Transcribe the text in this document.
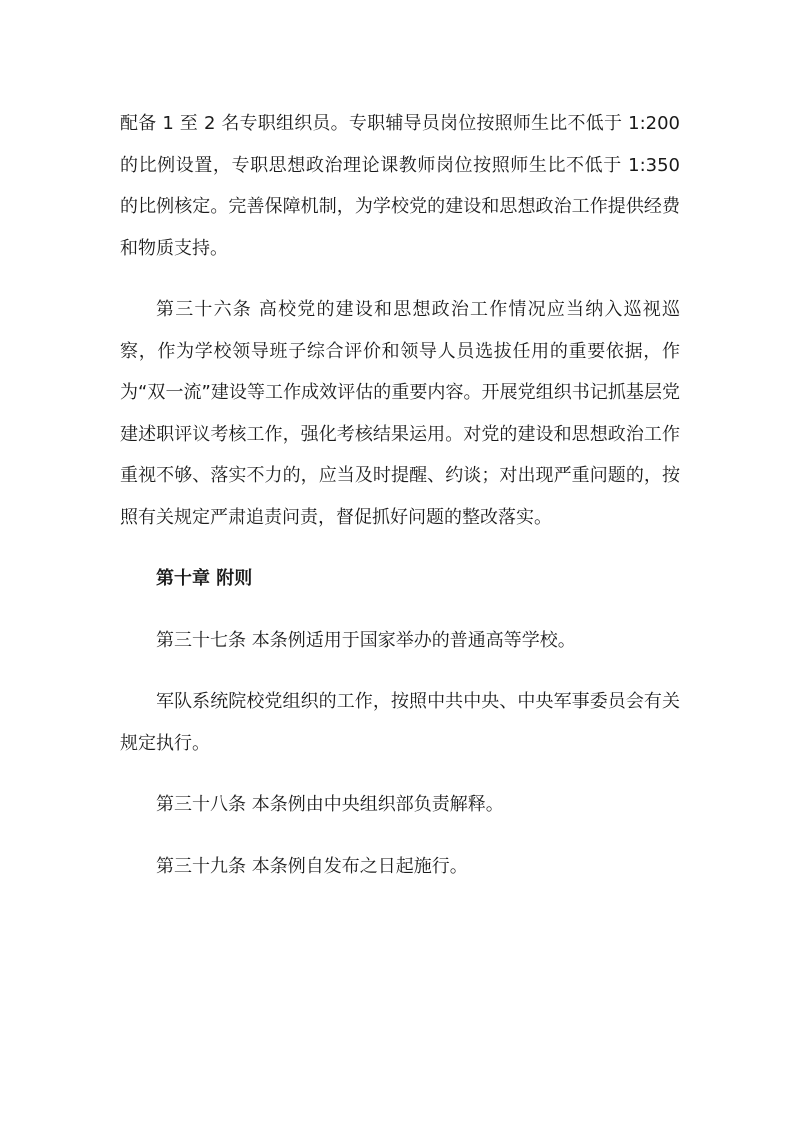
配备 1 至 2 名专职组织员。专职辅导员岗位按照师生比不低于 1:200 的比例设置，专职思想政治理论课教师岗位按照师生比不低于 1:350 的比例核定。完善保障机制，为学校党的建设和思想政治工作提供经费和物质支持。

第三十六条 高校党的建设和思想政治工作情况应当纳入巡视巡察，作为学校领导班子综合评价和领导人员选拔任用的重要依据，作为“双一流”建设等工作成效评估的重要内容。开展党组织书记抓基层党建述职评议考核工作，强化考核结果运用。对党的建设和思想政治工作重视不够、落实不力的，应当及时提醒、约谈；对出现严重问题的，按照有关规定严肃追责问责，督促抓好问题的整改落实。

第十章 附则

第三十七条 本条例适用于国家举办的普通高等学校。

军队系统院校党组织的工作，按照中共中央、中央军事委员会有关规定执行。

第三十八条 本条例由中央组织部负责解释。

第三十九条 本条例自发布之日起施行。
